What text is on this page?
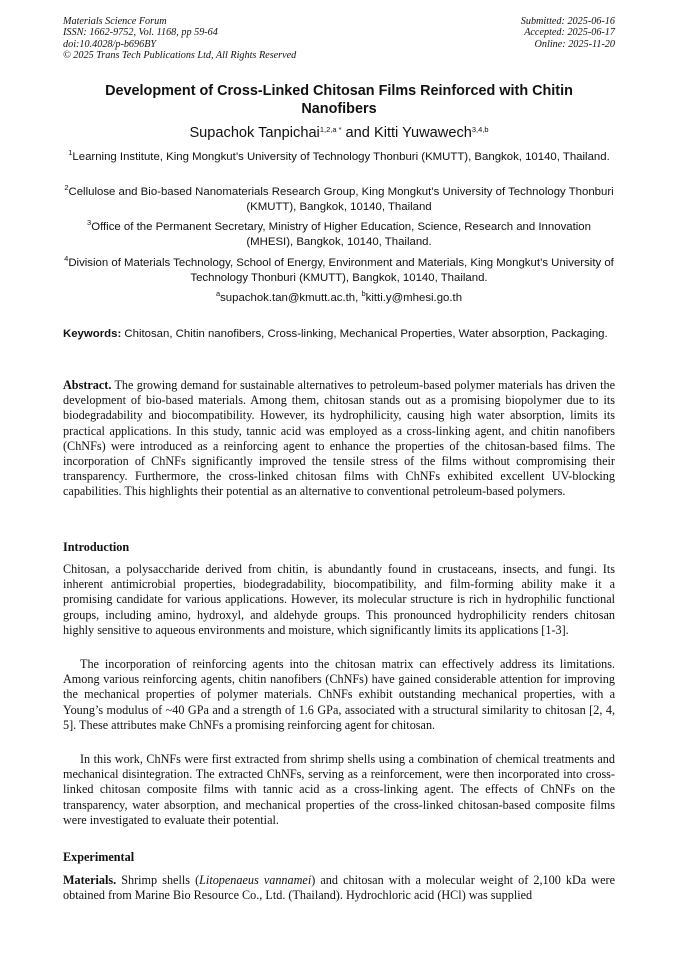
Materials Science Forum
ISSN: 1662-9752, Vol. 1168, pp 59-64
doi:10.4028/p-b696BY
© 2025 Trans Tech Publications Ltd, All Rights Reserved
Submitted: 2025-06-16
Accepted: 2025-06-17
Online: 2025-11-20
Development of Cross-Linked Chitosan Films Reinforced with Chitin Nanofibers
Supachok Tanpichai$^{1,2,a *}$ and Kitti Yuwawech$^{3,4,b}$
$^1$Learning Institute, King Mongkut’s University of Technology Thonburi (KMUTT), Bangkok, 10140, Thailand.
$^2$Cellulose and Bio-based Nanomaterials Research Group, King Mongkut’s University of Technology Thonburi (KMUTT), Bangkok, 10140, Thailand
$^3$Office of the Permanent Secretary, Ministry of Higher Education, Science, Research and Innovation (MHESI), Bangkok, 10140, Thailand.
$^4$Division of Materials Technology, School of Energy, Environment and Materials, King Mongkut’s University of Technology Thonburi (KMUTT), Bangkok, 10140, Thailand.
$^a$supachok.tan@kmutt.ac.th, $^b$kitti.y@mhesi.go.th
Keywords: Chitosan, Chitin nanofibers, Cross-linking, Mechanical Properties, Water absorption, Packaging.
Abstract. The growing demand for sustainable alternatives to petroleum-based polymer materials has driven the development of bio-based materials. Among them, chitosan stands out as a promising biopolymer due to its biodegradability and biocompatibility. However, its hydrophilicity, causing high water absorption, limits its practical applications. In this study, tannic acid was employed as a cross-linking agent, and chitin nanofibers (ChNFs) were introduced as a reinforcing agent to enhance the properties of the chitosan-based films. The incorporation of ChNFs significantly improved the tensile stress of the films without compromising their transparency. Furthermore, the cross-linked chitosan films with ChNFs exhibited excellent UV-blocking capabilities. This highlights their potential as an alternative to conventional petroleum-based polymers.
Introduction

Chitosan, a polysaccharide derived from chitin, is abundantly found in crustaceans, insects, and fungi. Its inherent antimicrobial properties, biodegradability, biocompatibility, and film-forming ability make it a promising candidate for various applications. However, its molecular structure is rich in hydrophilic functional groups, including amino, hydroxyl, and aldehyde groups. This pronounced hydrophilicity renders chitosan highly sensitive to aqueous environments and moisture, which significantly limits its applications [1-3].

The incorporation of reinforcing agents into the chitosan matrix can effectively address its limitations. Among various reinforcing agents, chitin nanofibers (ChNFs) have gained considerable attention for improving the mechanical properties of polymer materials. ChNFs exhibit outstanding mechanical properties, with a Young’s modulus of ~40 GPa and a strength of 1.6 GPa, associated with a structural similarity to chitosan [2, 4, 5]. These attributes make ChNFs a promising reinforcing agent for chitosan.

In this work, ChNFs were first extracted from shrimp shells using a combination of chemical treatments and mechanical disintegration. The extracted ChNFs, serving as a reinforcement, were then incorporated into cross-linked chitosan composite films with tannic acid as a cross-linking agent. The effects of ChNFs on the transparency, water absorption, and mechanical properties of the cross-linked chitosan-based composite films were investigated to evaluate their potential.

Experimental

Materials. Shrimp shells (Litopenaeus vannamei) and chitosan with a molecular weight of 2,100 kDa were obtained from Marine Bio Resource Co., Ltd. (Thailand). Hydrochloric acid (HCl) was supplied
